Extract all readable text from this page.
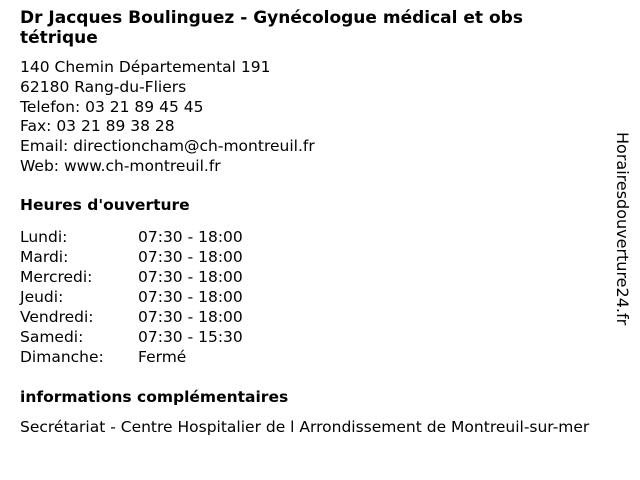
Dr Jacques Boulinguez - Gynécologue médical et obs
tétrique
140 Chemin Départemental 191
62180 Rang-du-Fliers
Telefon: 03 21 89 45 45
Fax: 03 21 89 38 28
Email: directioncham@ch-montreuil.fr
Web: www.ch-montreuil.fr
Heures d'ouverture
Lundi:	07:30 - 18:00
Mardi:	07:30 - 18:00
Mercredi:	07:30 - 18:00
Jeudi:	07:30 - 18:00
Vendredi:	07:30 - 18:00
Samedi:	07:30 - 15:30
Dimanche:	Fermé
informations complémentaires
Secrétariat - Centre Hospitalier de l Arrondissement de Montreuil-sur-mer
Horairesdouverture24.fr
